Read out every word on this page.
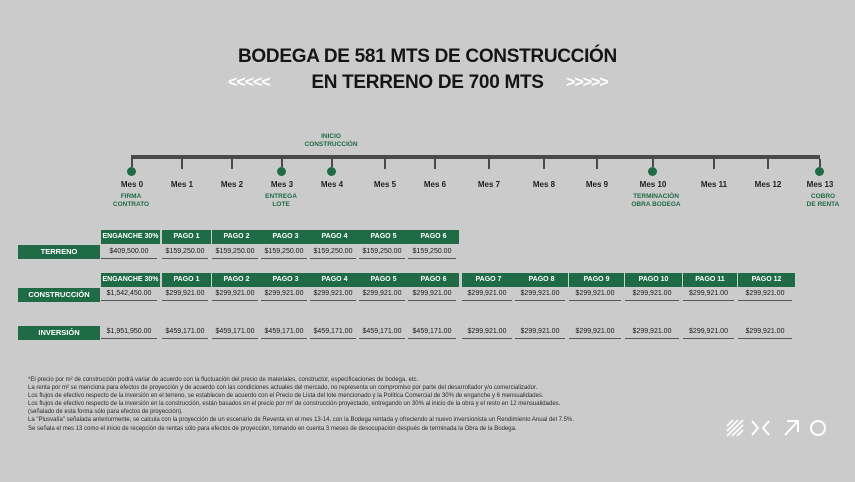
BODEGA DE 581 MTS DE CONSTRUCCIÓN
EN TERRENO DE 700 MTS
<<<<<	>>>>>
INICIO
CONSTRUCCIÓN
Mes 0	Mes 1	Mes 2	Mes 3	Mes 4	Mes 5	Mes 6	Mes 7	Mes 8	Mes 9	Mes 10	Mes 11	Mes 12	Mes 13
FIRMA
CONTRATO
ENTREGA
LOTE
TERMINACIÓN
OBRA BODEGA
COBRO
DE RENTA
ENGANCHE 30%	PAGO 1	PAGO 2	PAGO 3	PAGO 4	PAGO 5	PAGO 6
TERRENO	$409,500.00	$159,250.00	$159,250.00	$159,250.00	$159,250.00	$159,250.00	$159,250.00
ENGANCHE 30%	PAGO 1	PAGO 2	PAGO 3	PAGO 4	PAGO 5	PAGO 6	PAGO 7	PAGO 8	PAGO 9	PAGO 10	PAGO 11	PAGO 12
CONSTRUCCIÓN	$1,542,450.00	$299,921.00	$299,921.00	$299,921.00	$299,921.00	$299,921.00	$299,921.00	$299,921.00	$299,921.00	$299,921.00	$299,921.00	$299,921.00	$299,921.00
INVERSIÓN	$1,951,950.00	$459,171.00	$459,171.00	$459,171.00	$459,171.00	$459,171.00	$459,171.00	$299,921.00	$299,921.00	$299,921.00	$299,921.00	$299,921.00	$299,921.00
*El precio por m² de construcción podrá variar de acuerdo con la fluctuación del precio de materiales, constructor, especificaciones de bodega, etc.
La renta por m² se menciona para efectos de proyección y de acuerdo con las condiciones actuales del mercado, no representa un compromiso por parte del desarrollador y/o comercializador.
Los flujos de efectivo respecto de la inversión en el terreno, se establecen de acuerdo con el Precio de Lista del lote mencionado y la Política Comercial de 30% de enganche y 6 mensualidades.
Los flujos de efectivo respecto de la inversión en la construcción, están basados en el precio por m² de construcción proyectado, entregando un 30% al inicio de la obra y el resto en 12 mensualidades.
(señalado de esta forma sólo para efectos de proyección).
La "Plusvalía" señalada anteriormente, se calcula con la proyección de un escenario de Reventa en el mes 13-14, con la Bodega rentada y ofreciendo al nuevo inversionista un Rendimiento Anual del 7.5%.
Se señala el mes 13 como el inicio de recepción de rentas sólo para efectos de proyección, tomando en cuenta 3 meses de desocupación después de terminada la Obra de la Bodega.
